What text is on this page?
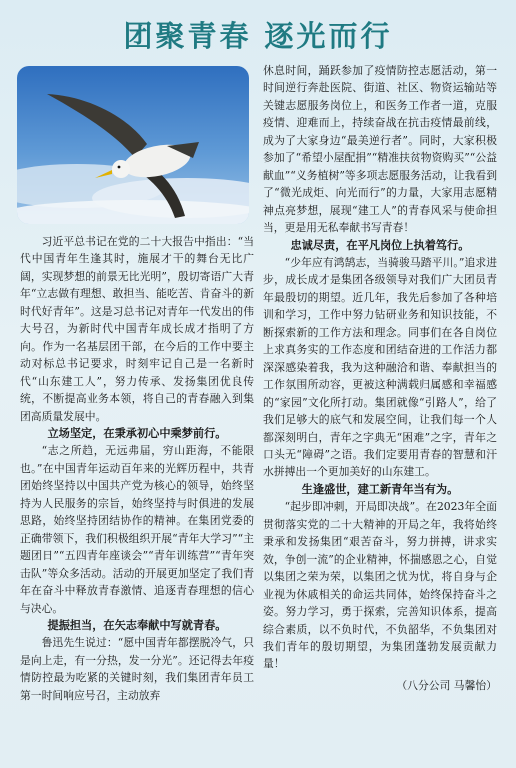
团聚青春 逐光而行

习近平总书记在党的二十大报告中指出：“当代中国青年生逢其时，施展才干的舞台无比广阔，实现梦想的前景无比光明”，殷切寄语广大青年“立志做有理想、敢担当、能吃苦、肯奋斗的新时代好青年”。这是习总书记对青年一代发出的伟大号召，为新时代中国青年成长成才指明了方向。作为一名基层团干部，在今后的工作中要主动对标总书记要求，时刻牢记自己是一名新时代“山东建工人”，努力传承、发扬集团优良传统，不断提高业务本领，将自己的青春融入到集团高质量发展中。

立场坚定，在秉承初心中乘梦前行。

“志之所趋，无远弗届，穷山距海，不能限也。”在中国青年运动百年来的光辉历程中，共青团始终坚持以中国共产党为核心的领导，始终坚持为人民服务的宗旨，始终坚持与时俱进的发展思路，始终坚持团结协作的精神。在集团党委的正确带领下，我们积极组织开展“青年大学习”“主题团日”“五四青年座谈会”“青年训练营”“青年突击队”等众多活动。活动的开展更加坚定了我们青年在奋斗中释放青春激情、追逐青春理想的信心与决心。

提振担当，在矢志奉献中写就青春。

鲁迅先生说过：“愿中国青年都摆脱冷气，只是向上走，有一分热，发一分光”。还记得去年疫情防控最为吃紧的关键时刻，我们集团青年员工第一时间响应号召，主动放弃

休息时间，踊跃参加了疫情防控志愿活动，第一时间逆行奔赴医院、街道、社区、物资运输站等关键志愿服务岗位上，和医务工作者一道，克服疫情、迎难而上，持续奋战在抗击疫情最前线，成为了大家身边“最美逆行者”。同时，大家积极参加了“希望小屋配捐”“精准扶贫物资购买”“公益献血”“义务植树”等多项志愿服务活动，让我看到了“微光成炬、向光而行”的力量，大家用志愿精神点亮梦想，展现“建工人”的青春风采与使命担当，更是用无私奉献书写青春！

忠诚尽责，在平凡岗位上执着笃行。

“少年应有鸿鹄志，当骑骏马踏平川。”追求进步，成长成才是集团各级领导对我们广大团员青年最殷切的期望。近几年，我先后参加了各种培训和学习，工作中努力钻研业务和知识技能，不断探索新的工作方法和理念。同事们在各自岗位上求真务实的工作态度和团结奋进的工作活力都深深感染着我，我为这种融洽和谐、奉献担当的工作氛围所动容，更被这种满载归属感和幸福感的“家园”文化所打动。集团就像“引路人”，给了我们足够大的底气和发展空间，让我们每一个人都深刻明白，青年之字典无“困难”之字，青年之口头无“障碍”之语。我们定要用青春的智慧和汗水拼搏出一个更加美好的山东建工。

生逢盛世，建工新青年当有为。

“起步即冲刺，开局即决战”。在2023年全面贯彻落实党的二十大精神的开局之年，我将始终秉承和发扬集团“艰苦奋斗，努力拼搏，讲求实效，争创一流”的企业精神，怀揣感恩之心，自觉以集团之荣为荣，以集团之忧为忧，将自身与企业视为休戚相关的命运共同体，始终保持奋斗之姿。努力学习，勇于探索，完善知识体系，提高综合素质，以不负时代，不负韶华，不负集团对我们青年的殷切期望，为集团蓬勃发展贡献力量！

（八分公司 马馨怡）
